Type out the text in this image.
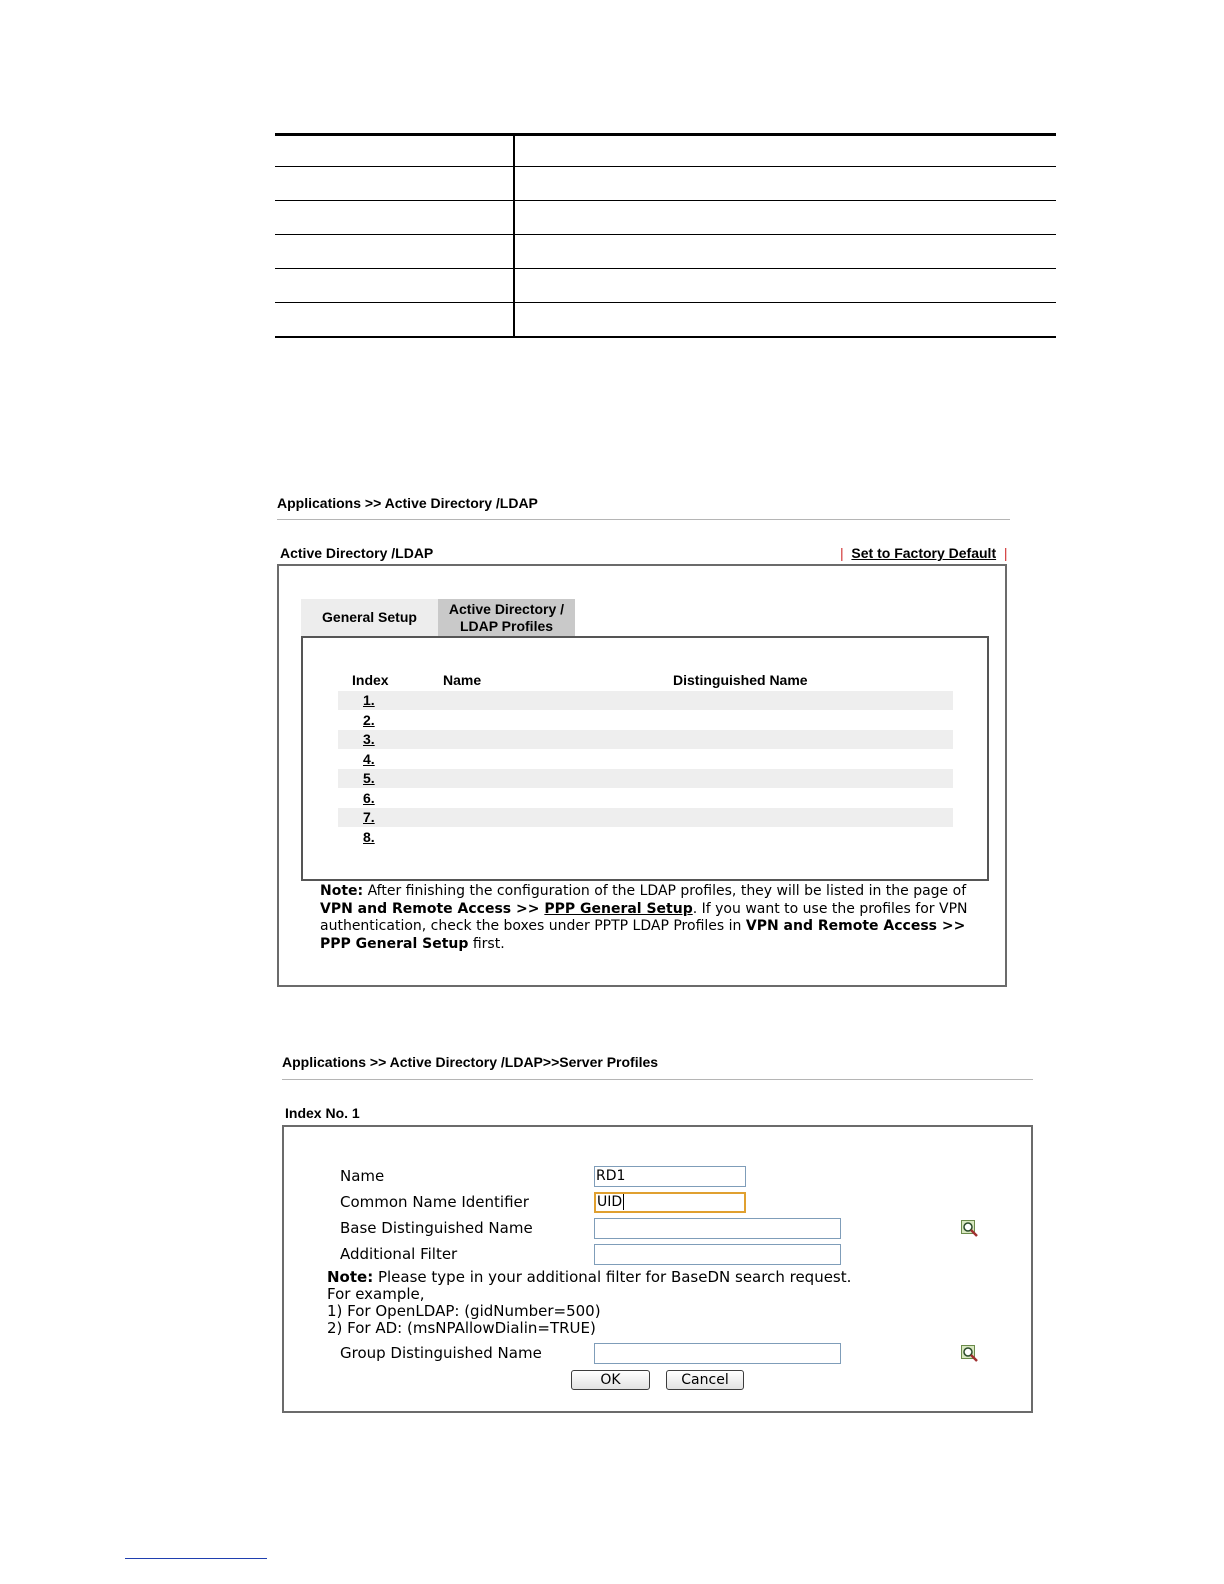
Applications >> Active Directory /LDAP
Active Directory /LDAP	| Set to Factory Default |
General Setup	Active Directory /
LDAP Profiles
Index	Name	Distinguished Name
1.
2.
3.
4.
5.
6.
7.
8.
Note: After finishing the configuration of the LDAP profiles, they will be listed in the page of VPN and Remote Access >> PPP General Setup. If you want to use the profiles for VPN authentication, check the boxes under PPTP LDAP Profiles in VPN and Remote Access >> PPP General Setup first.
Applications >> Active Directory /LDAP>>Server Profiles
Index No. 1
Name	RD1
Common Name Identifier	UID
Base Distinguished Name
Additional Filter
Note: Please type in your additional filter for BaseDN search request.
For example,
1) For OpenLDAP: (gidNumber=500)
2) For AD: (msNPAllowDialin=TRUE)
Group Distinguished Name
OK	Cancel
